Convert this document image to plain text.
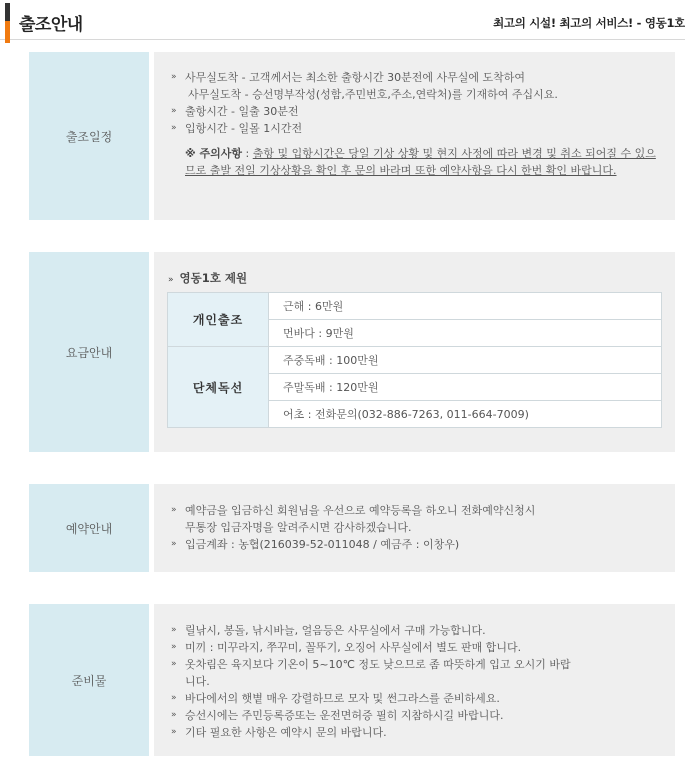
출조안내	최고의 시설! 최고의 서비스! - 영동1호
출조일정
» 사무실도착 - 고객께서는 최소한 출항시간 30분전에 사무실에 도착하여
사무실도착 - 승선명부작성(성함,주민번호,주소,연락처)를 기재하여 주십시요.
» 출항시간 - 일출 30분전
» 입항시간 - 일몰 1시간전
※ 주의사항 : 출항 및 입항시간은 당일 기상 상황 및 현지 사정에 따라 변경 및 취소 되어질 수 있으므로 출발 전일 기상상황을 확인 후 문의 바라며 또한 예약사항을 다시 한번 확인 바랍니다.
요금안내
» 영동1호 제원
개인출조	근해 : 6만원
	먼바다 : 9만원
단체독선	주중독배 : 100만원
	주말독배 : 120만원
	어초 : 전화문의(032-886-7263, 011-664-7009)
예약안내
» 예약금을 입금하신 회원님을 우선으로 예약등록을 하오니 전화예약신청시
무통장 입금자명을 알려주시면 감사하겠습니다.
» 입금계좌 : 농협(216039-52-011048 / 예금주 : 이창우)
준비물
» 릴낚시, 봉돌, 낚시바늘, 얼음등은 사무실에서 구매 가능합니다.
» 미끼 : 미꾸라지, 쭈꾸미, 꼴뚜기, 오징어 사무실에서 별도 판매 합니다.
» 옷차림은 육지보다 기온이 5~10℃ 정도 낮으므로 좀 따뜻하게 입고 오시기 바랍
니다.
» 바다에서의 햇볕 매우 강렬하므로 모자 및 썬그라스를 준비하세요.
» 승선시에는 주민등록증또는 운전면허증 필히 지참하시길 바랍니다.
» 기타 필요한 사항은 예약시 문의 바랍니다.
